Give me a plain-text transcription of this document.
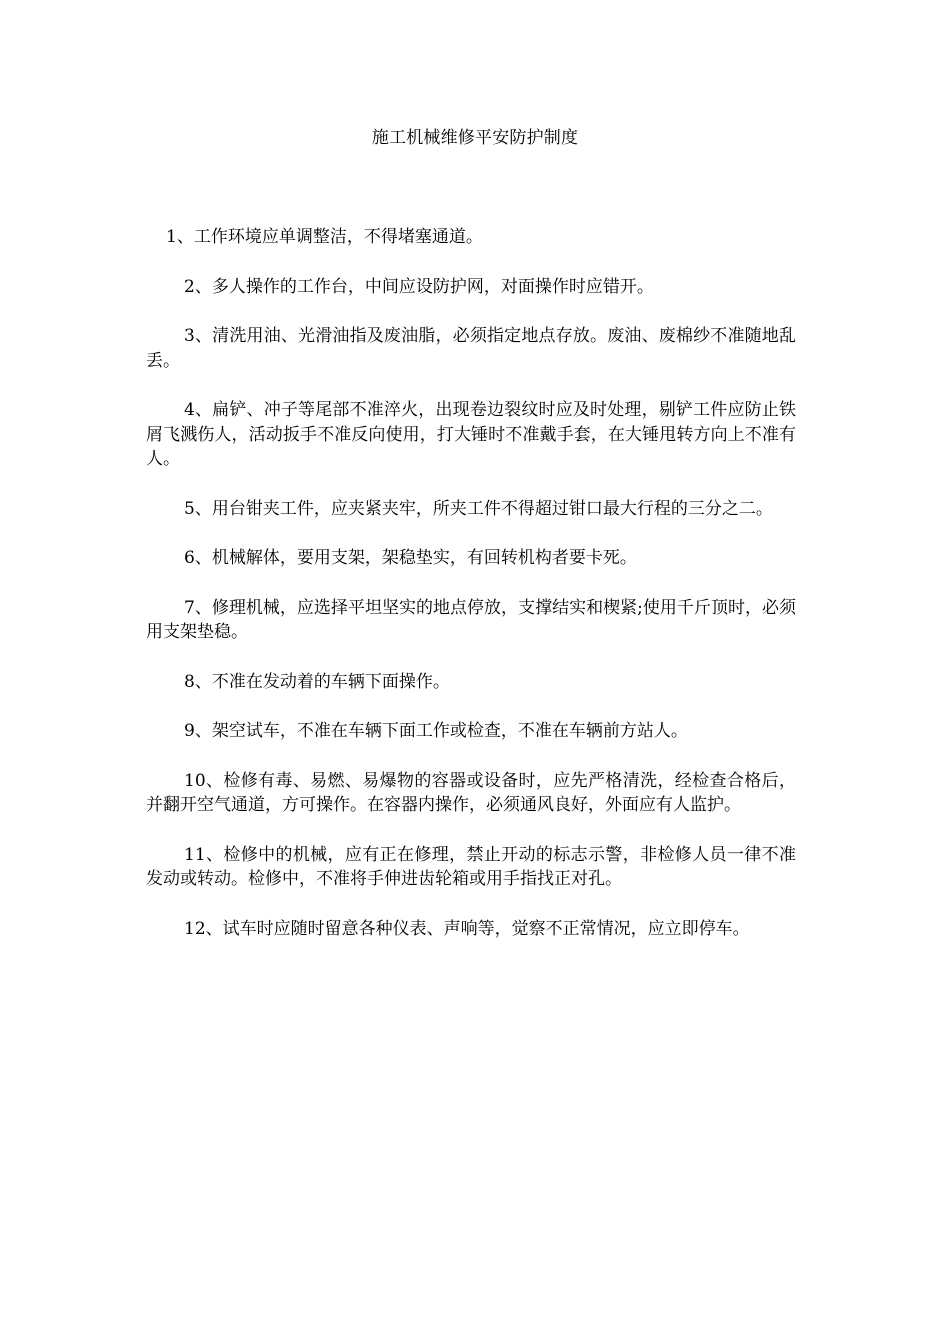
施工机械维修平安防护制度

1、工作环境应单调整洁，不得堵塞通道。

2、多人操作的工作台，中间应设防护网，对面操作时应错开。

3、清洗用油、光滑油指及废油脂，必须指定地点存放。废油、废棉纱不准随地乱丢。

4、扁铲、冲子等尾部不准淬火，出现卷边裂纹时应及时处理，剔铲工件应防止铁屑飞溅伤人，活动扳手不准反向使用，打大锤时不准戴手套，在大锤甩转方向上不准有人。

5、用台钳夹工件，应夹紧夹牢，所夹工件不得超过钳口最大行程的三分之二。

6、机械解体，要用支架，架稳垫实，有回转机构者要卡死。

7、修理机械，应选择平坦坚实的地点停放，支撑结实和楔紧;使用千斤顶时，必须用支架垫稳。

8、不准在发动着的车辆下面操作。

9、架空试车，不准在车辆下面工作或检查，不准在车辆前方站人。

10、检修有毒、易燃、易爆物的容器或设备时，应先严格清洗，经检查合格后，并翻开空气通道，方可操作。在容器内操作，必须通风良好，外面应有人监护。

11、检修中的机械，应有正在修理，禁止开动的标志示警，非检修人员一律不准发动或转动。检修中，不准将手伸进齿轮箱或用手指找正对孔。

12、试车时应随时留意各种仪表、声响等，觉察不正常情况，应立即停车。
